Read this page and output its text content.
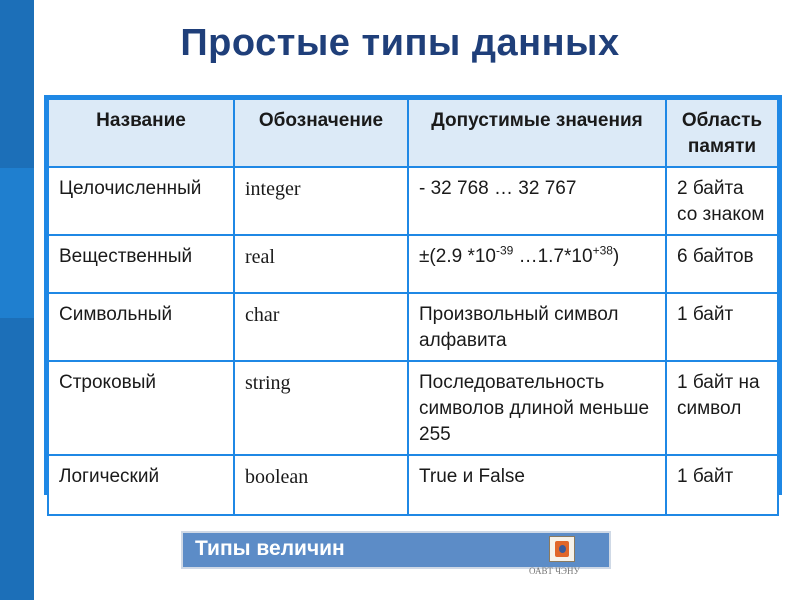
Простые типы данных
Название	Обозначение	Допустимые значения	Область памяти
Целочисленный	integer	- 32 768 … 32 767	2 байта со знаком
Вещественный	real	±(2.9 $*10^{-39}$ $\dots 1.7*10^{+38}$)	6 байтов
Символьный	char	Произвольный символ алфавита	1 байт
Строковый	string	Последовательность символов длиной меньше 255	1 байт на символ
Логический	boolean	True и False	1 байт
Типы величин
ОАВТ ЧЭНУ
